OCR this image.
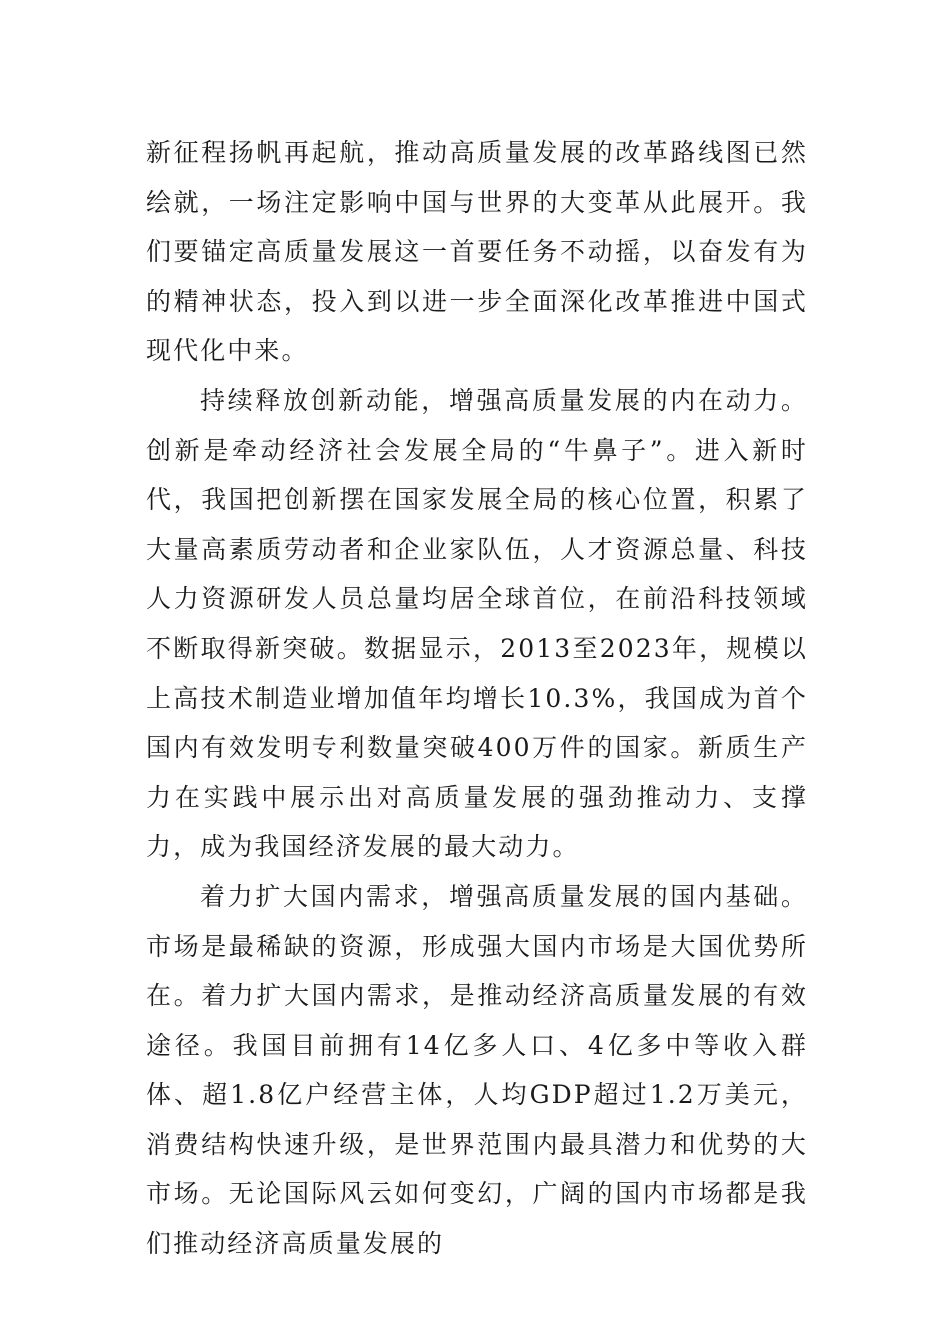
新征程扬帆再起航，推动高质量发展的改革路线图已然绘就，一场注定影响中国与世界的大变革从此展开。我们要锚定高质量发展这一首要任务不动摇，以奋发有为的精神状态，投入到以进一步全面深化改革推进中国式现代化中来。

持续释放创新动能，增强高质量发展的内在动力。创新是牵动经济社会发展全局的“牛鼻子”。进入新时代，我国把创新摆在国家发展全局的核心位置，积累了大量高素质劳动者和企业家队伍，人才资源总量、科技人力资源研发人员总量均居全球首位，在前沿科技领域不断取得新突破。数据显示，2013至2023年，规模以上高技术制造业增加值年均增长10.3%，我国成为首个国内有效发明专利数量突破400万件的国家。新质生产力在实践中展示出对高质量发展的强劲推动力、支撑力，成为我国经济发展的最大动力。

着力扩大国内需求，增强高质量发展的国内基础。市场是最稀缺的资源，形成强大国内市场是大国优势所在。着力扩大国内需求，是推动经济高质量发展的有效途径。我国目前拥有14亿多人口、4亿多中等收入群体、超1.8亿户经营主体，人均GDP超过1.2万美元，消费结构快速升级，是世界范围内最具潜力和优势的大市场。无论国际风云如何变幻，广阔的国内市场都是我们推动经济高质量发展的
